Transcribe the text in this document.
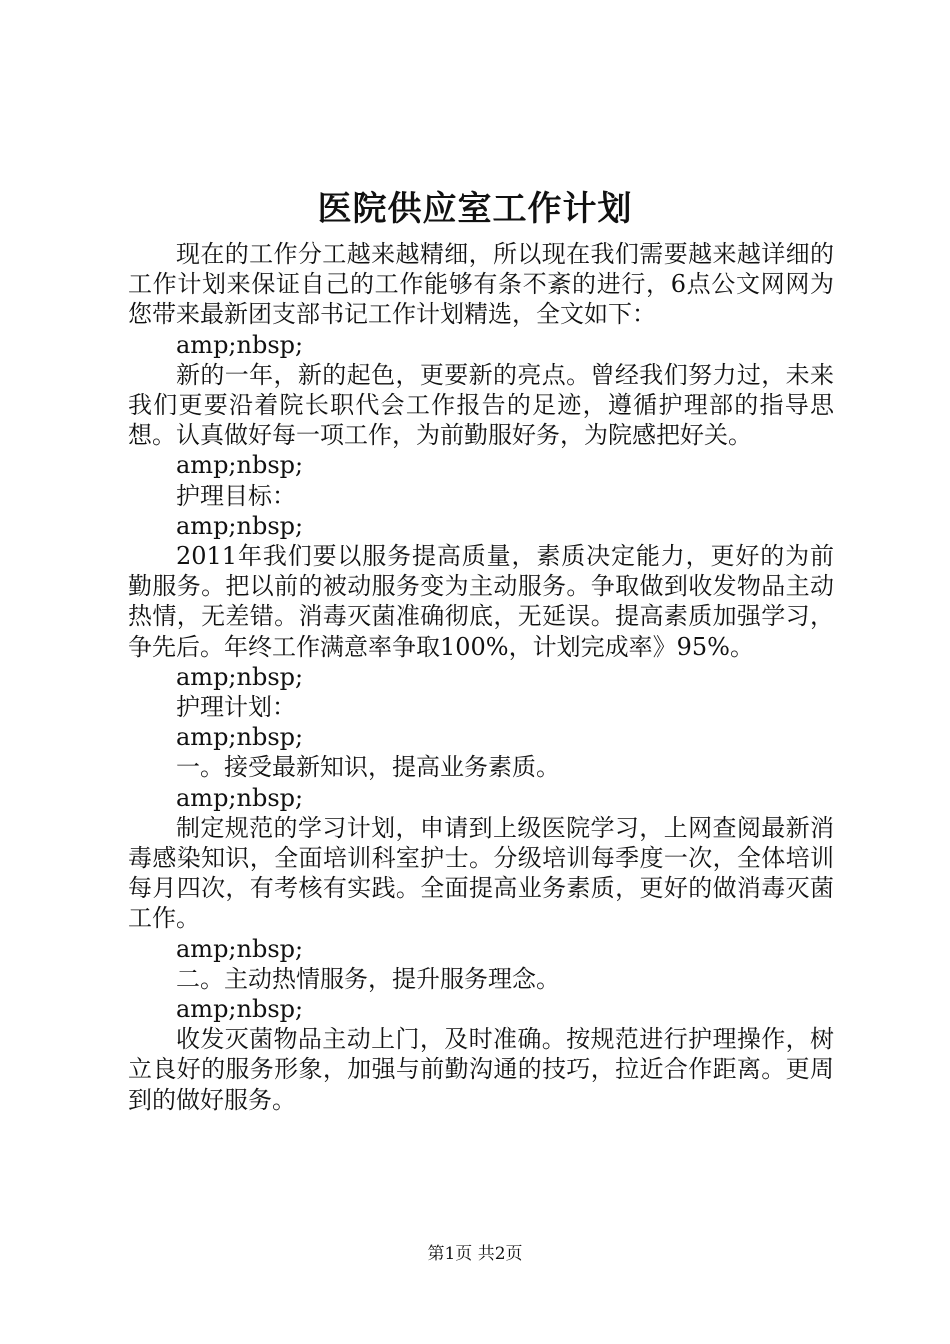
医院供应室工作计划

现在的工作分工越来越精细，所以现在我们需要越来越详细的工作计划来保证自己的工作能够有条不紊的进行，6点公文网网为您带来最新团支部书记工作计划精选，全文如下：

amp;nbsp;

新的一年，新的起色，更要新的亮点。曾经我们努力过，未来我们更要沿着院长职代会工作报告的足迹，遵循护理部的指导思想。认真做好每一项工作，为前勤服好务，为院感把好关。

amp;nbsp;

护理目标：

amp;nbsp;

2011年我们要以服务提高质量，素质决定能力，更好的为前勤服务。把以前的被动服务变为主动服务。争取做到收发物品主动热情，无差错。消毒灭菌准确彻底，无延误。提高素质加强学习，争先后。年终工作满意率争取100%，计划完成率》95%。

amp;nbsp;

护理计划：

amp;nbsp;

一。接受最新知识，提高业务素质。

amp;nbsp;

制定规范的学习计划，申请到上级医院学习，上网查阅最新消毒感染知识，全面培训科室护士。分级培训每季度一次，全体培训每月四次，有考核有实践。全面提高业务素质，更好的做消毒灭菌工作。

amp;nbsp;

二。主动热情服务，提升服务理念。

amp;nbsp;

收发灭菌物品主动上门，及时准确。按规范进行护理操作，树立良好的服务形象，加强与前勤沟通的技巧，拉近合作距离。更周到的做好服务。

第1页 共2页
